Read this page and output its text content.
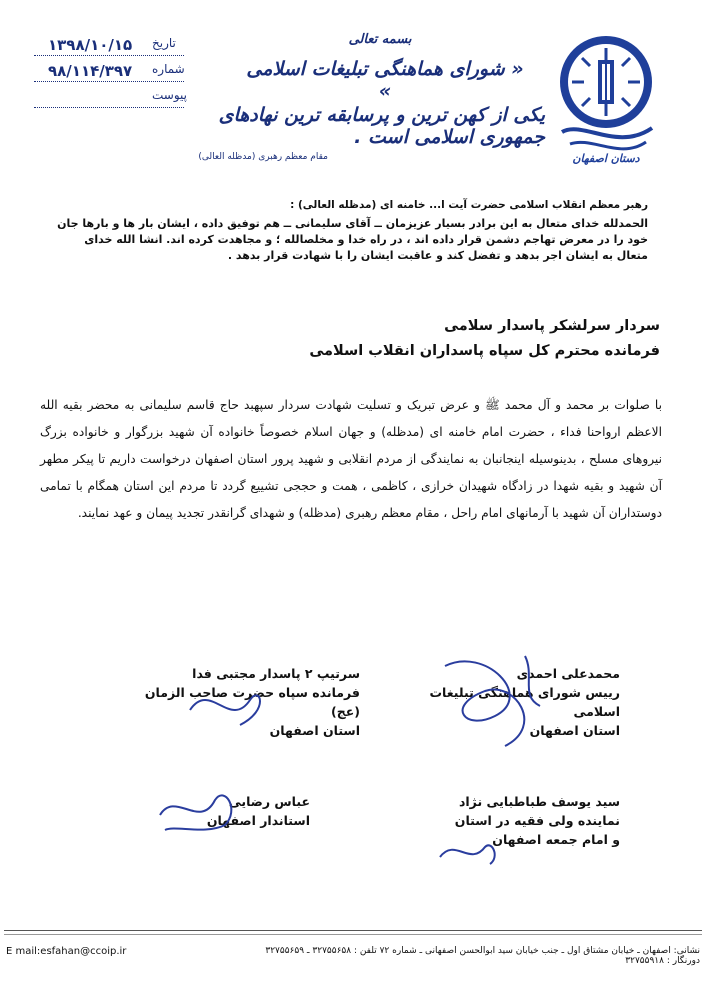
دستان اصفهان
۱۳۹۸/۱۰/۱۵ تاریخ
۹۸/۱۱۴/۳۹۷ شماره
پیوست
بسمه تعالی
« شورای هماهنگی تبلیغات اسلامی »
یکی از کهن ترین و پرسابقه ترین نهادهای جمهوری اسلامی است .
مقام معظم رهبری (مدظله العالی)
رهبر معظم انقلاب اسلامی حضرت آیت ا... خامنه ای (مدظله العالی) :
الحمدلله خدای متعال به این برادر بسیار عزیزمان ــ آقای سلیمانی ــ هم توفیق داده ، ایشان بار ها و بارها جان خود را در معرض تهاجم دشمن قرار داده اند ، در راه خدا و مخلصالله ؛ و مجاهدت کرده اند. انشا الله خدای متعال به ایشان اجر بدهد و تفضل کند و عاقبت ایشان را با شهادت قرار بدهد .
سردار سرلشکر پاسدار سلامی
فرمانده محترم کل سپاه پاسداران انقلاب اسلامی

با صلوات بر محمد و آل محمد ﷺ و عرض تبریک و تسلیت شهادت سردار سپهبد حاج قاسم سلیمانی به محضر بقیه الله الاعظم ارواحنا فداء ، حضرت امام خامنه ای (مدظله) و جهان اسلام خصوصاً خانواده آن شهید بزرگوار و خانواده بزرگ نیروهای مسلح ، بدینوسیله اینجانبان به نمایندگی از مردم انقلابی و شهید پرور استان اصفهان درخواست داریم تا پیکر مطهر آن شهید و بقیه شهدا در زادگاه شهیدان خرازی ، کاظمی ، همت و حججی تشییع گردد تا مردم این استان همگام با تمامی دوستداران آن شهید با آرمانهای امام راحل ، مقام معظم رهبری (مدظله) و شهدای گرانقدر تجدید پیمان و عهد نمایند.

محمدعلی احمدی
رییس شورای هماهنگی تبلیغات اسلامی
استان اصفهان
سرتیپ ۲ پاسدار مجتبی فدا
فرمانده سپاه حضرت صاحب الزمان (عج)
استان اصفهان
سید یوسف طباطبایی نژاد
نماینده ولی فقیه در استان
و امام جمعه اصفهان
عباس رضایی
استاندار اصفهان
نشانی: اصفهان ـ خیابان مشتاق اول ـ جنب خیابان سید ابوالحسن اصفهانی ـ شماره ۷۲ تلفن : ۳۲۷۵۵۶۵۸ ـ ۳۲۷۵۵۶۵۹ دورنگار : ۳۲۷۵۵۹۱۸
E mail:esfahan@ccoip.ir
